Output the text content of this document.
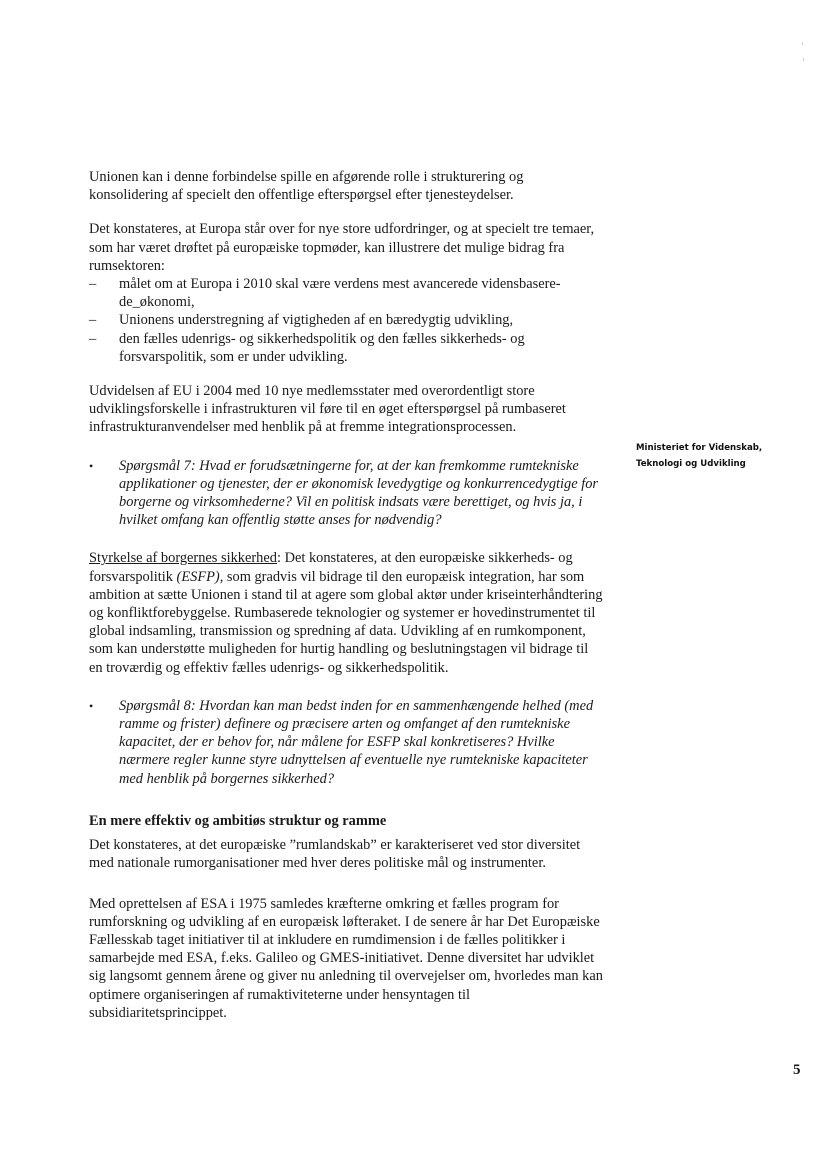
Unionen kan i denne forbindelse spille en afgørende rolle i strukturering og konsolidering af specielt den offentlige efterspørgsel efter tjenesteydelser.

Det konstateres, at Europa står over for nye store udfordringer, og at specielt tre temaer, som har været drøftet på europæiske topmøder, kan illustrere det mulige bidrag fra rumsektoren:

– målet om at Europa i 2010 skal være verdens mest avancerede vidensbasere-de_økonomi,
– Unionens understregning af vigtigheden af en bæredygtig udvikling,
– den fælles udenrigs- og sikkerhedspolitik og den fælles sikkerheds- og forsvarspolitik, som er under udvikling.

Udvidelsen af EU i 2004 med 10 nye medlemsstater med overordentligt store udviklingsforskelle i infrastrukturen vil føre til en øget efterspørgsel på rumbaseret infrastrukturanvendelser med henblik på at fremme integrationsprocessen.

• Spørgsmål 7: Hvad er forudsætningerne for, at der kan fremkomme rumtekniske applikationer og tjenester, der er økonomisk levedygtige og konkurrencedygtige for borgerne og virksomhederne? Vil en politisk indsats være berettiget, og hvis ja, i hvilket omfang kan offentlig støtte anses for nødvendig?

Styrkelse af borgernes sikkerhed: Det konstateres, at den europæiske sikkerheds- og forsvarspolitik (ESFP), som gradvis vil bidrage til den europæisk integration, har som ambition at sætte Unionen i stand til at agere som global aktør under kriseinterhåndtering og konfliktforebyggelse. Rumbaserede teknologier og systemer er hovedinstrumentet til global indsamling, transmission og spredning af data. Udvikling af en rumkomponent, som kan understøtte muligheden for hurtig handling og beslutningstagen vil bidrage til en troværdig og effektiv fælles udenrigs- og sikkerhedspolitik.

• Spørgsmål 8: Hvordan kan man bedst inden for en sammenhængende helhed (med ramme og frister) definere og præcisere arten og omfanget af den rumtekniske kapacitet, der er behov for, når målene for ESFP skal konkretiseres? Hvilke nærmere regler kunne styre udnyttelsen af eventuelle nye rumtekniske kapaciteter med henblik på borgernes sikkerhed?
En mere effektiv og ambitiøs struktur og ramme

Det konstateres, at det europæiske ”rumlandskab” er karakteriseret ved stor diversitet med nationale rumorganisationer med hver deres politiske mål og instrumenter.

Med oprettelsen af ESA i 1975 samledes kræfterne omkring et fælles program for rumforskning og udvikling af en europæisk løfteraket. I de senere år har Det Europæiske Fællesskab taget initiativer til at inkludere en rumdimension i de fælles politikker i samarbejde med ESA, f.eks. Galileo og GMES-initiativet. Denne diversitet har udviklet sig langsomt gennem årene og giver nu anledning til overvejelser om, hvorledes man kan optimere organiseringen af rumaktiviteterne under hensyntagen til subsidiaritetsprincippet.

Ministeriet for Videnskab,
Teknologi og Udvikling
5
